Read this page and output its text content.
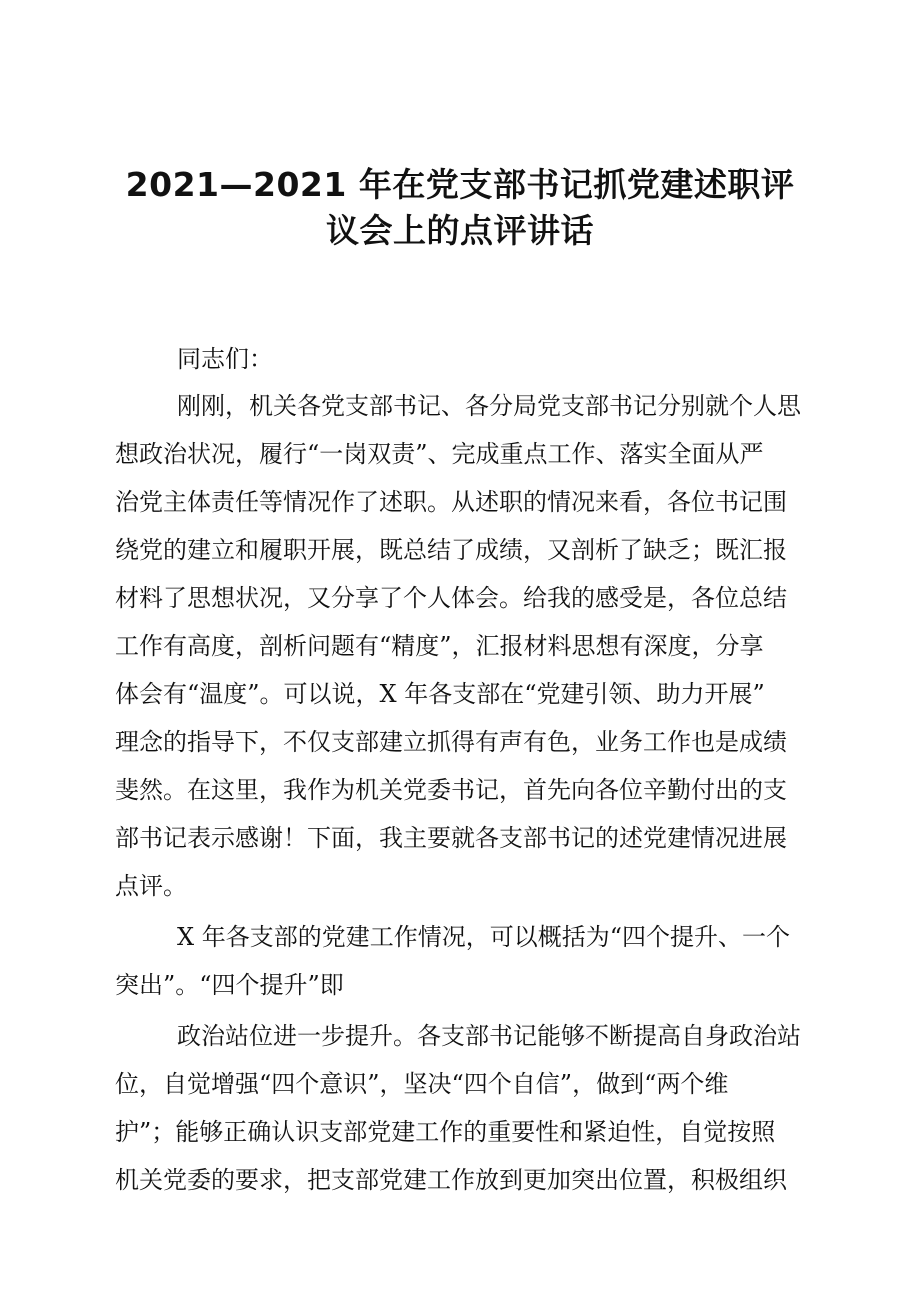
2021—2021 年在党支部书记抓党建述职评
议会上的点评讲话

同志们：

刚刚，机关各党支部书记、各分局党支部书记分别就个人思

想政治状况，履行“一岗双责”、完成重点工作、落实全面从严

治党主体责任等情况作了述职。从述职的情况来看，各位书记围

绕党的建立和履职开展，既总结了成绩，又剖析了缺乏；既汇报

材料了思想状况，又分享了个人体会。给我的感受是，各位总结

工作有高度，剖析问题有“精度”，汇报材料思想有深度，分享

体会有“温度”。可以说，X 年各支部在“党建引领、助力开展”

理念的指导下，不仅支部建立抓得有声有色，业务工作也是成绩

斐然。在这里，我作为机关党委书记，首先向各位辛勤付出的支

部书记表示感谢！下面，我主要就各支部书记的述党建情况进展

点评。

X 年各支部的党建工作情况，可以概括为“四个提升、一个

突出”。“四个提升”即

政治站位进一步提升。各支部书记能够不断提高自身政治站

位，自觉增强“四个意识”，坚决“四个自信”，做到“两个维

护”；能够正确认识支部党建工作的重要性和紧迫性，自觉按照

机关党委的要求，把支部党建工作放到更加突出位置，积极组织
